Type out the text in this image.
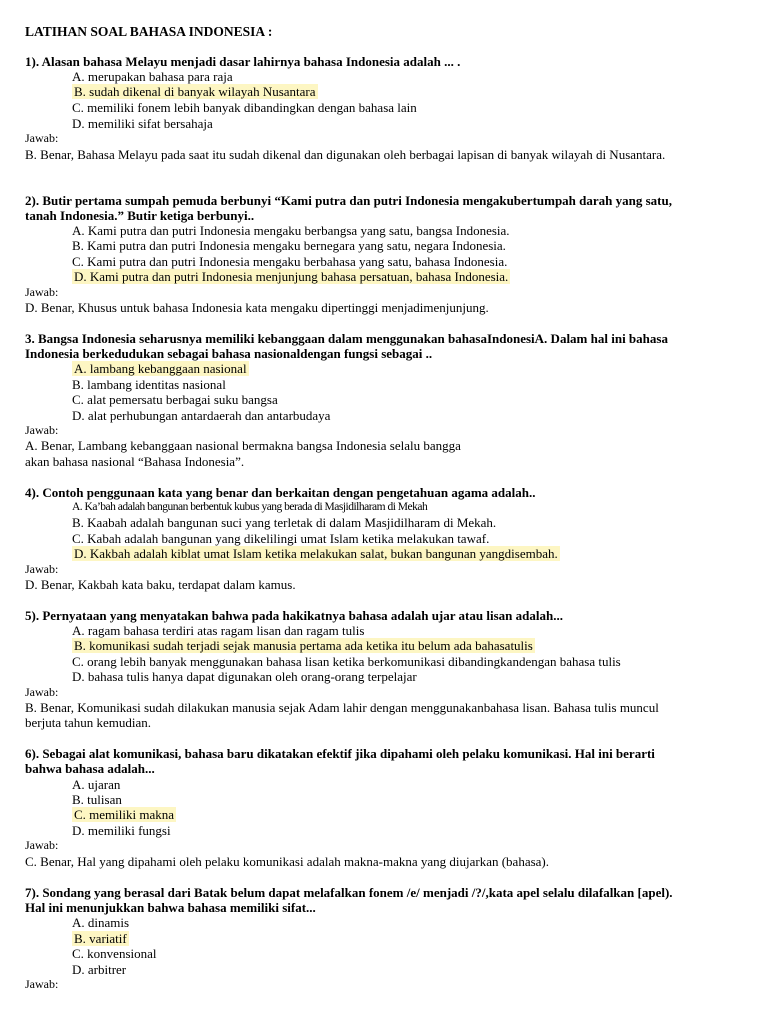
LATIHAN SOAL BAHASA INDONESIA :
1). Alasan bahasa Melayu menjadi dasar lahirnya bahasa Indonesia adalah ... .
A. merupakan bahasa para raja
B. sudah dikenal di banyak wilayah Nusantara
C. memiliki fonem lebih banyak dibandingkan dengan bahasa lain
D. memiliki sifat bersahaja
Jawab:
B. Benar, Bahasa Melayu pada saat itu sudah dikenal dan digunakan oleh berbagai lapisan di banyak wilayah di Nusantara.
2). Butir pertama sumpah pemuda berbunyi “Kami putra dan putri Indonesia mengakubertumpah darah yang satu,
tanah Indonesia.” Butir ketiga berbunyi..
A. Kami putra dan putri Indonesia mengaku berbangsa yang satu, bangsa Indonesia.
B. Kami putra dan putri Indonesia mengaku bernegara yang satu, negara Indonesia.
C. Kami putra dan putri Indonesia mengaku berbahasa yang satu, bahasa Indonesia.
D. Kami putra dan putri Indonesia menjunjung bahasa persatuan, bahasa Indonesia.
Jawab:
D. Benar, Khusus untuk bahasa Indonesia kata mengaku dipertinggi menjadimenjunjung.
3. Bangsa Indonesia seharusnya memiliki kebanggaan dalam menggunakan bahasaIndonesiA. Dalam hal ini bahasa
Indonesia berkedudukan sebagai bahasa nasionaldengan fungsi sebagai ..
A. lambang kebanggaan nasional
B. lambang identitas nasional
C. alat pemersatu berbagai suku bangsa
D. alat perhubungan antardaerah dan antarbudaya
Jawab:
A. Benar, Lambang kebanggaan nasional bermakna bangsa Indonesia selalu bangga
akan bahasa nasional “Bahasa Indonesia”.
4). Contoh penggunaan kata yang benar dan berkaitan dengan pengetahuan agama adalah..
A. Ka’bah adalah bangunan berbentuk kubus yang berada di Masjidilharam di Mekah
B. Kaabah adalah bangunan suci yang terletak di dalam Masjidilharam di Mekah.
C. Kabah adalah bangunan yang dikelilingi umat Islam ketika melakukan tawaf.
D. Kakbah adalah kiblat umat Islam ketika melakukan salat, bukan bangunan yangdisembah.
Jawab:
D. Benar, Kakbah kata baku, terdapat dalam kamus.
5). Pernyataan yang menyatakan bahwa pada hakikatnya bahasa adalah ujar atau lisan adalah...
A. ragam bahasa terdiri atas ragam lisan dan ragam tulis
B. komunikasi sudah terjadi sejak manusia pertama ada ketika itu belum ada bahasatulis
C. orang lebih banyak menggunakan bahasa lisan ketika berkomunikasi dibandingkandengan bahasa tulis
D. bahasa tulis hanya dapat digunakan oleh orang-orang terpelajar
Jawab:
B. Benar, Komunikasi sudah dilakukan manusia sejak Adam lahir dengan menggunakanbahasa lisan. Bahasa tulis muncul
berjuta tahun kemudian.
6). Sebagai alat komunikasi, bahasa baru dikatakan efektif jika dipahami oleh pelaku komunikasi. Hal ini berarti
bahwa bahasa adalah...
A. ujaran
B. tulisan
C. memiliki makna
D. memiliki fungsi
Jawab:
C. Benar, Hal yang dipahami oleh pelaku komunikasi adalah makna-makna yang diujarkan (bahasa).
7). Sondang yang berasal dari Batak belum dapat melafalkan fonem /e/ menjadi /?/,kata apel selalu dilafalkan [apel).
Hal ini menunjukkan bahwa bahasa memiliki sifat...
A. dinamis
B. variatif
C. konvensional
D. arbitrer
Jawab:
